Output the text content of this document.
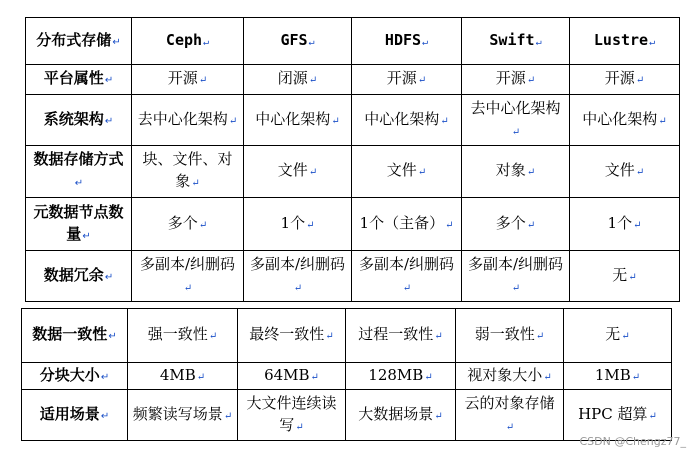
分布式存储↵	Ceph↵	GFS↵	HDFS↵	Swift↵	Lustre↵
平台属性↵	开源↵	闭源↵	开源↵	开源↵	开源↵
系统架构↵	去中心化架构↵	中心化架构↵	中心化架构↵	去中心化架构↵	中心化架构↵
数据存储方式↵	块、文件、对象↵	文件↵	文件↵	对象↵	文件↵
元数据节点数量↵	多个↵	1个↵	1个（主备）↵	多个↵	1个↵
数据冗余↵	多副本/纠删码↵	多副本/纠删码↵	多副本/纠删码↵	多副本/纠删码↵	无↵
数据一致性↵	强一致性↵	最终一致性↵	过程一致性↵	弱一致性↵	无↵
分块大小↵	4MB↵	64MB↵	128MB↵	视对象大小↵	1MB↵
适用场景↵	频繁读写场景↵	大文件连续读写↵	大数据场景↵	云的对象存储↵	HPC 超算↵
CSDN @Chengz77_
